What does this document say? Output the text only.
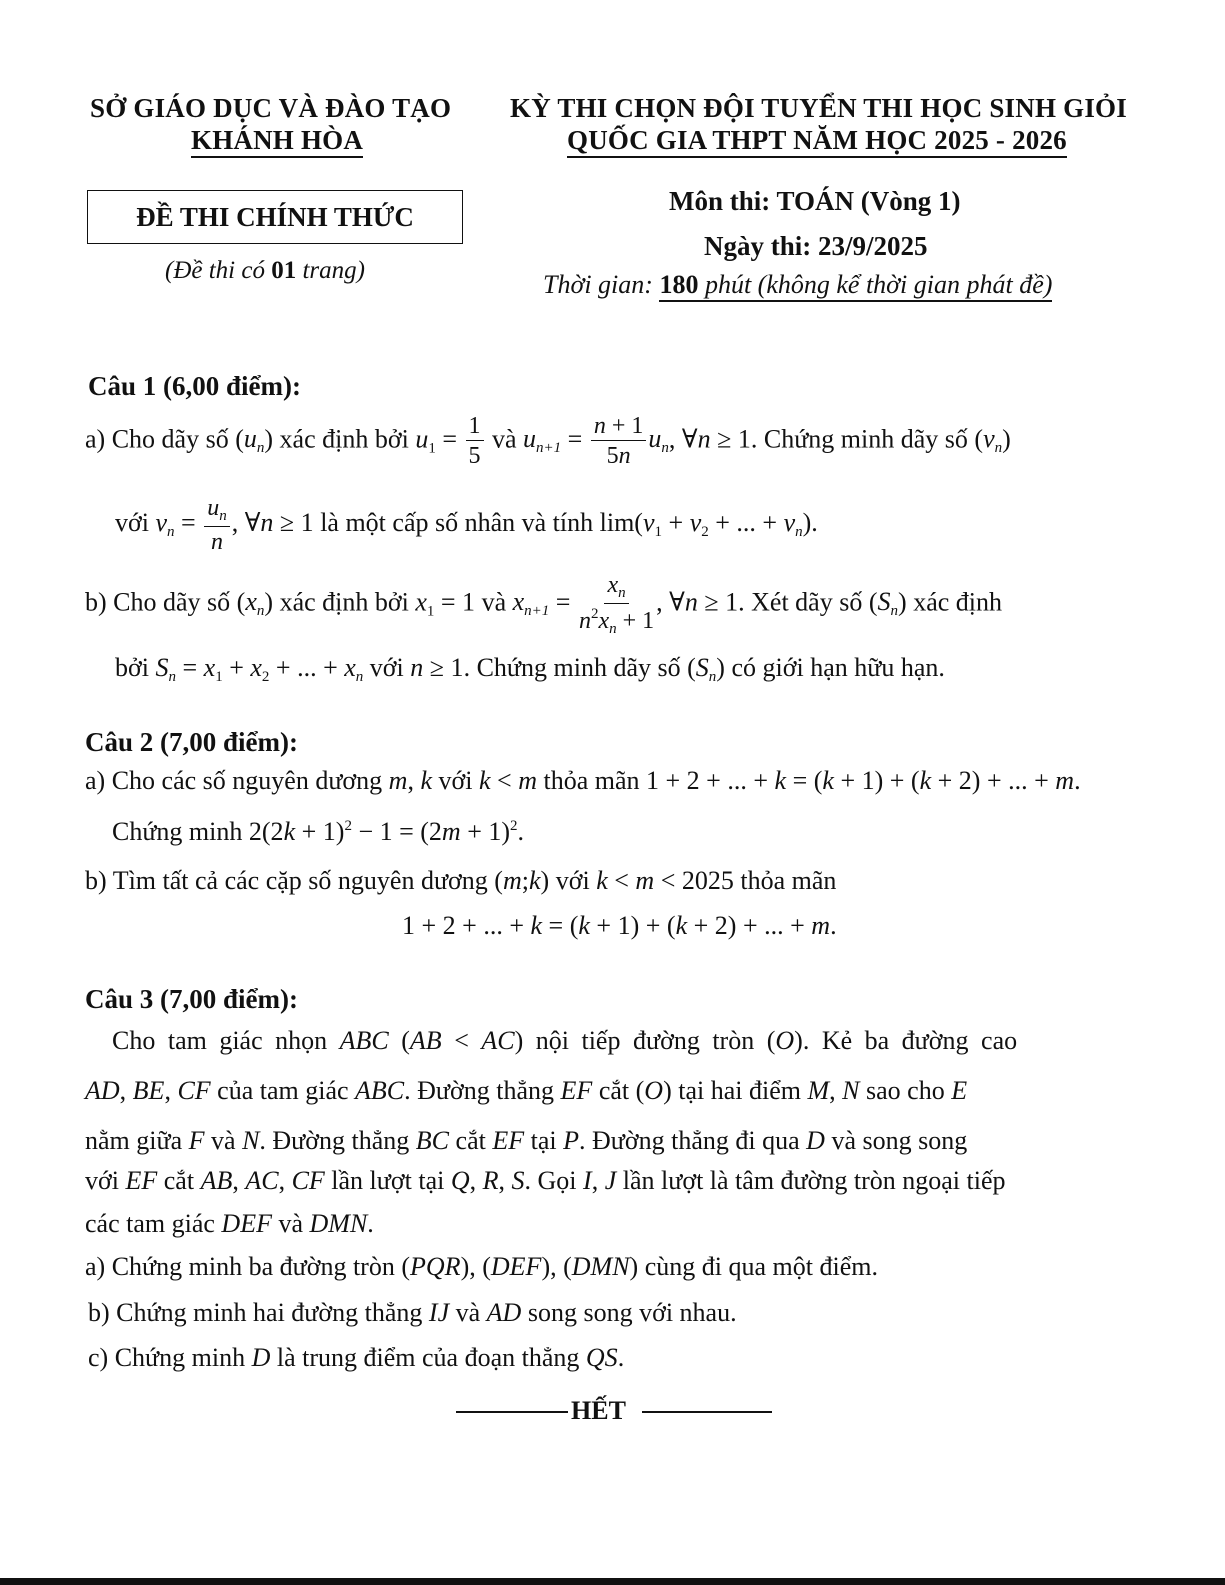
SỞ GIÁO DỤC VÀ ĐÀO TẠO
KHÁNH HÒA
KỲ THI CHỌN ĐỘI TUYỂN THI HỌC SINH GIỎI
QUỐC GIA THPT NĂM HỌC 2025 - 2026
ĐỀ THI CHÍNH THỨC
(Đề thi có 01 trang)
Môn thi: TOÁN (Vòng 1)
Ngày thi: 23/9/2025
Thời gian: 180 phút (không kể thời gian phát đề)
Câu 1 (6,00 điểm):
a) Cho dãy số $(u_n)$ xác định bởi $u_1 = \frac{1}{5}$ và $u_{n+1} = \frac{n + 1}{5n} u_n$, ∀n ≥ 1. Chứng minh dãy số $(v_n)$
với $v_n = \frac{u_n}{n}$ , ∀n ≥ 1 là một cấp số nhân và tính $\lim(v_1 + v_2$ + ... + $v_n$).
b) Cho dãy số $(x_n)$ xác định bởi $x_1 = 1$ và $x_{n+1} = \frac{x_n}{n^2x_n + 1}$ , ∀n ≥ 1. Xét dãy số $(S_n)$ xác định
bởi $S_n = x_1 + x_2$ + ... + $x_n$ với n ≥ 1. Chứng minh dãy số $(S_n)$ có giới hạn hữu hạn.
Câu 2 (7,00 điểm):
a) Cho các số nguyên dương m, k với k < m thỏa mãn 1 + 2 + ... + k = (k + 1) + (k + 2) + ... + m.
Chứng minh $2(2k + 1)^2 - 1 = (2m + 1)^2$.
b) Tìm tất cả các cặp số nguyên dương (m;k) với k < m < 2025 thỏa mãn
1 + 2 + ... + k = (k + 1) + (k + 2) + ... + m.
Câu 3 (7,00 điểm):
Cho tam giác nhọn ABC (AB < AC) nội tiếp đường tròn (O). Kẻ ba đường cao
AD, BE, CF của tam giác ABC. Đường thẳng EF cắt (O) tại hai điểm M, N sao cho E
nằm giữa F và N. Đường thẳng BC cắt EF tại P. Đường thẳng đi qua D và song song
với EF cắt AB, AC, CF lần lượt tại Q, R, S. Gọi I, J lần lượt là tâm đường tròn ngoại tiếp
các tam giác DEF và DMN.
a) Chứng minh ba đường tròn (PQR), (DEF), (DMN) cùng đi qua một điểm.
b) Chứng minh hai đường thẳng IJ và AD song song với nhau.
c) Chứng minh D là trung điểm của đoạn thẳng QS.
HẾT
